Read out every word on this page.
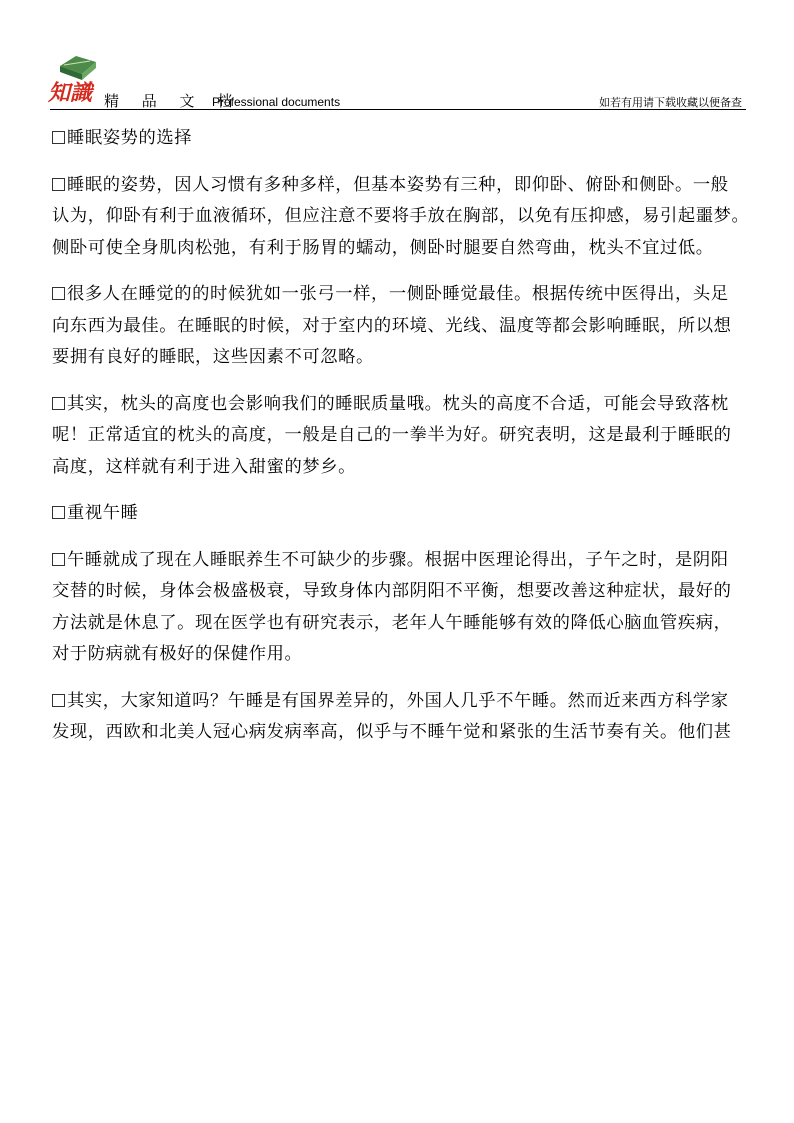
知識 精 品 文 档
Professional documents	如若有用请下载收藏以便备查

睡眠姿势的选择

睡眠的姿势，因人习惯有多种多样，但基本姿势有三种，即仰卧、俯卧和侧卧。一般
认为，仰卧有利于血液循环，但应注意不要将手放在胸部，以免有压抑感，易引起噩梦。
侧卧可使全身肌肉松弛，有利于肠胃的蠕动，侧卧时腿要自然弯曲，枕头不宜过低。

很多人在睡觉的的时候犹如一张弓一样，一侧卧睡觉最佳。根据传统中医得出，头足
向东西为最佳。在睡眠的时候，对于室内的环境、光线、温度等都会影响睡眠，所以想
要拥有良好的睡眠，这些因素不可忽略。

其实，枕头的高度也会影响我们的睡眠质量哦。枕头的高度不合适，可能会导致落枕
呢！正常适宜的枕头的高度，一般是自己的一拳半为好。研究表明，这是最利于睡眠的
高度，这样就有利于进入甜蜜的梦乡。

重视午睡

午睡就成了现在人睡眠养生不可缺少的步骤。根据中医理论得出，子午之时，是阴阳
交替的时候，身体会极盛极衰，导致身体内部阴阳不平衡，想要改善这种症状，最好的
方法就是休息了。现在医学也有研究表示，老年人午睡能够有效的降低心脑血管疾病，
对于防病就有极好的保健作用。

其实，大家知道吗？午睡是有国界差异的，外国人几乎不午睡。然而近来西方科学家
发现，西欧和北美人冠心病发病率高，似乎与不睡午觉和紧张的生活节奏有关。他们甚
